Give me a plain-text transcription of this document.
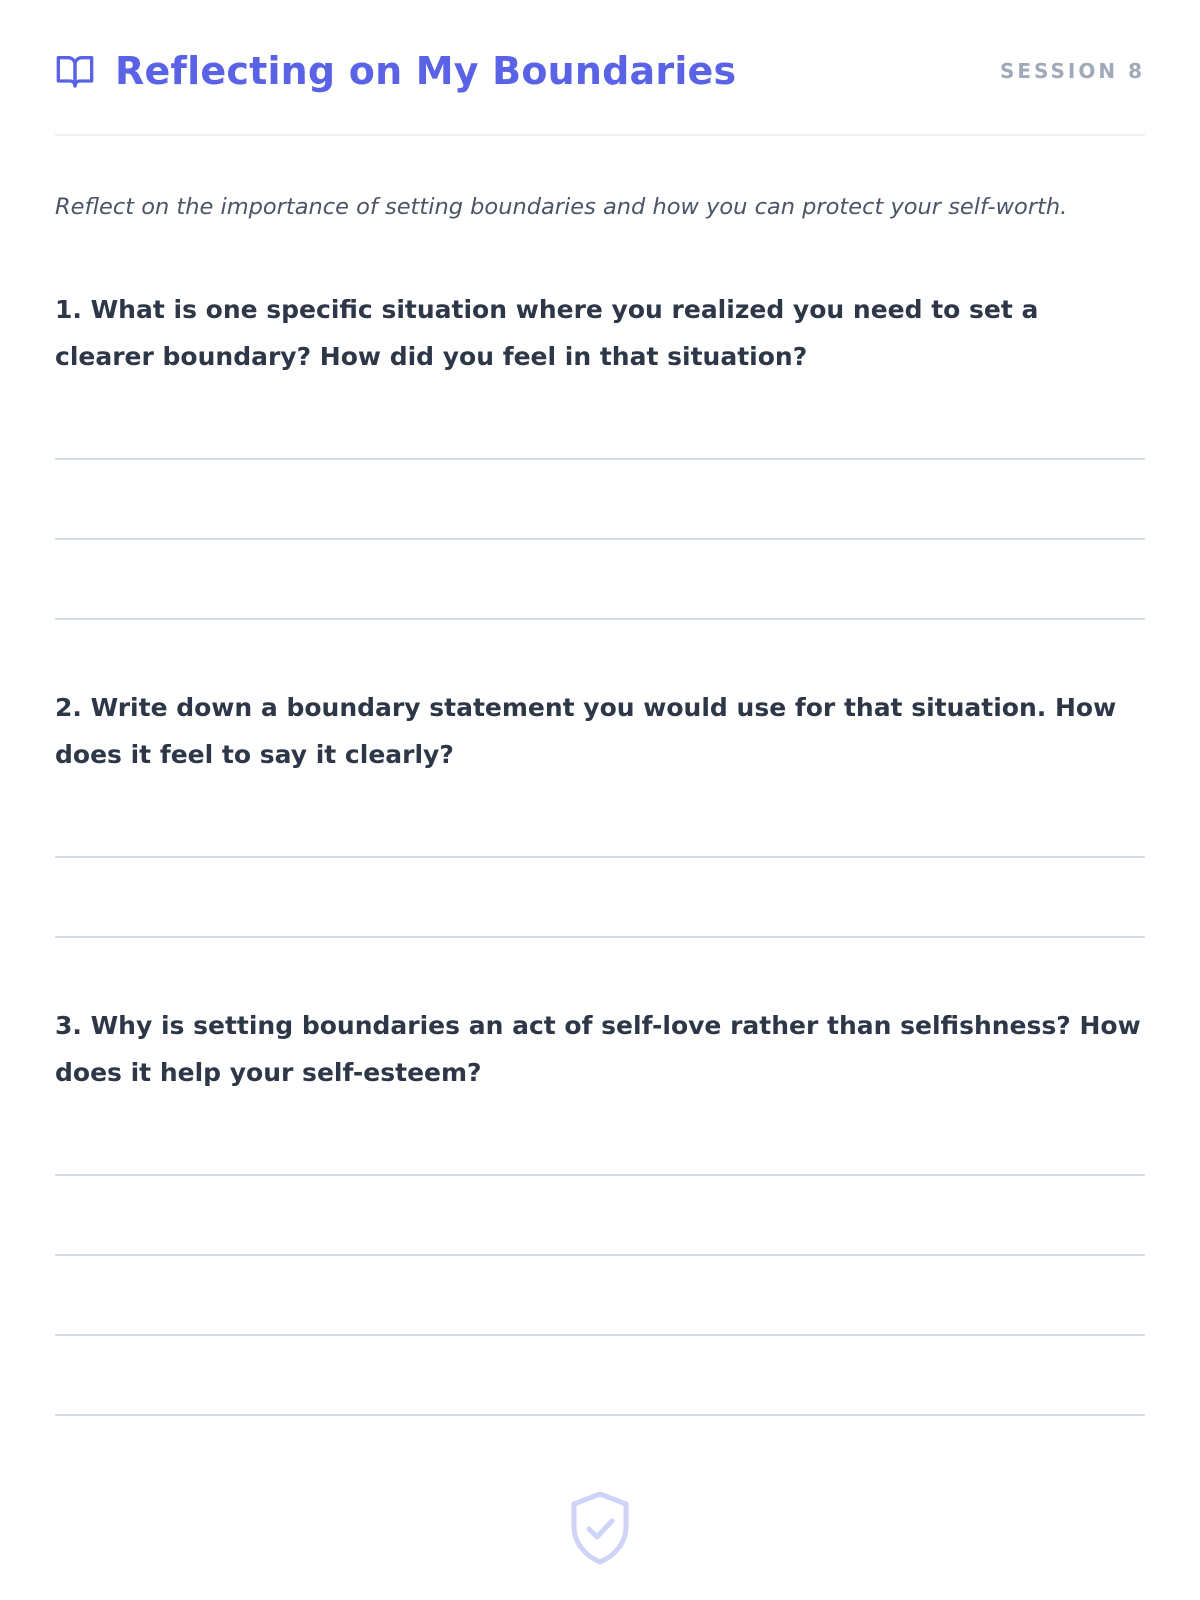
Reflecting on My Boundaries	SESSION 8
Reflect on the importance of setting boundaries and how you can protect your self-worth.
1. What is one specific situation where you realized you need to set a clearer boundary? How did you feel in that situation?
2. Write down a boundary statement you would use for that situation. How does it feel to say it clearly?
3. Why is setting boundaries an act of self-love rather than selfishness? How does it help your self-esteem?
